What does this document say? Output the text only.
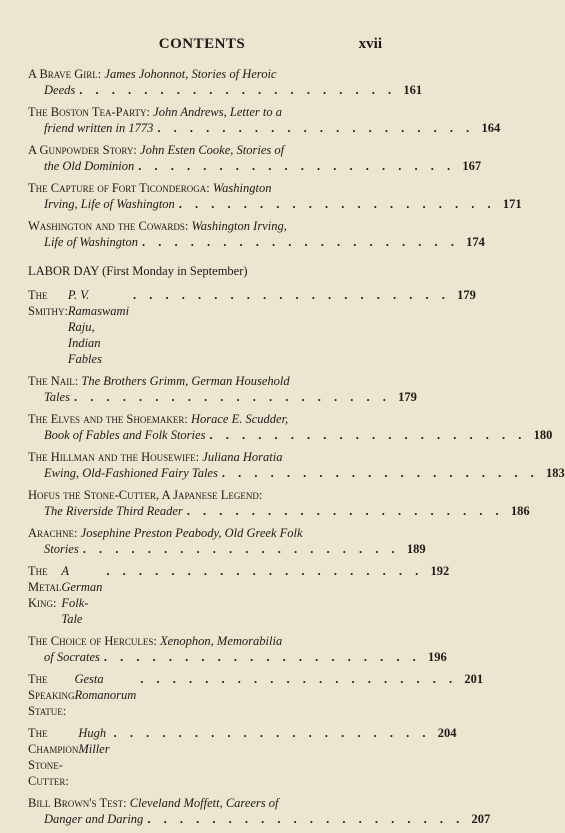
CONTENTS	xvii
A Brave Girl: James Johonnot, Stories of Heroic
Deeds . . . . . . . . . . . . . . . . . . . . 161
The Boston Tea-Party: John Andrews, Letter to a
friend written in 1773 . . . . . . . . . . . . . . . . . . . . 164
A Gunpowder Story: John Esten Cooke, Stories of
the Old Dominion . . . . . . . . . . . . . . . . . . . . 167
The Capture of Fort Ticonderoga: Washington
Irving, Life of Washington . . . . . . . . . . . . . . . . . . . . 171
Washington and the Cowards: Washington Irving,
Life of Washington . . . . . . . . . . . . . . . . . . . . 174
LABOR DAY (First Monday in September)
The Smithy:
P. V. Ramaswami Raju, Indian Fables
. . . . . . . . . . . . . . . . . . . . 179
The Nail: The Brothers Grimm, German Household
Tales . . . . . . . . . . . . . . . . . . . . 179
The Elves and the Shoemaker: Horace E. Scudder,
Book of Fables and Folk Stories . . . . . . . . . . . . . . . . . . . . 180
The Hillman and the Housewife: Juliana Horatia
Ewing, Old-Fashioned Fairy Tales . . . . . . . . . . . . . . . . . . . . 183
Hofus the Stone-Cutter, A Japanese Legend:
The Riverside Third Reader . . . . . . . . . . . . . . . . . . . . 186
Arachne: Josephine Preston Peabody, Old Greek Folk
Stories . . . . . . . . . . . . . . . . . . . . 189
The Metal King:
A German Folk-Tale
. . . . . . . . . . . . . . . . . . . . 192
The Choice of Hercules: Xenophon, Memorabilia
of Socrates . . . . . . . . . . . . . . . . . . . . 196
The Speaking Statue:
Gesta Romanorum
. . . . . . . . . . . . . . . . . . . . 201
The Champion Stone-Cutter:
Hugh Miller
. . . . . . . . . . . . . . . . . . . . 204
Bill Brown's Test: Cleveland Moffett, Careers of
Danger and Daring . . . . . . . . . . . . . . . . . . . . 207
